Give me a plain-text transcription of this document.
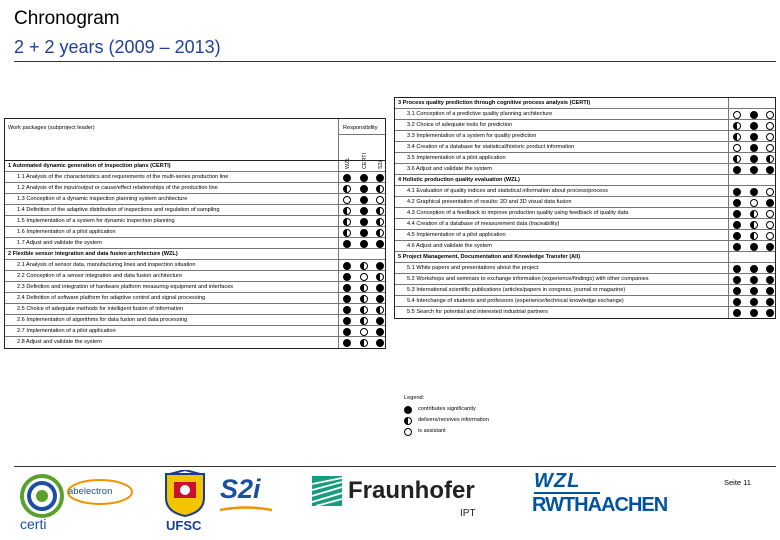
Chronogram
2 + 2 years (2009 – 2013)
Work packages (subproject leader)	Responsibility
WZL CERTI S2i
1 Automated dynamic generation of inspection plans (CERTI)
1.1 Analysis of the characteristics and requirements of the multi-series production line
1.2 Analysis of the input/output or cause/effect relationships of the production line
1.3 Conception of a dynamic inspection planning system architecture
1.4 Definition of the adaptive distribution of inspections and regulation of sampling
1.5 Implementation of a system for dynamic inspection planning
1.6 Implementation of a pilot application
1.7 Adjust and validate the system
2 Flexible sensor integration and data fusion architecture (WZL)
2.1 Analysis of sensor data, manufacturing lines and inspection situation
2.2 Conception of a sensor integration and data fusion architecture
2.3 Definition and integration of hardware platform measuring equipment and interfaces
2.4 Definition of software platform for adaptive control and signal processing
2.5 Choice of adequate methods for intelligent fusion of information
2.6 Implementation of algorithms for data fusion and data processing
2.7 Implementation of a pilot application
2.8 Adjust and validate the system
3 Process quality prediction through cognitive process analysis (CERTI)
3.1 Conception of a predictive quality planning architecture
3.2 Choice of adequate tools for prediction
3.3 Implementation of a system for quality prediction
3.4 Creation of a database for statistical/historic product information
3.5 Implementation of a pilot application
3.6 Adjust and validate the system
4 Holistic production quality evaluation (WZL)
4.1 Evaluation of quality indices and statistical information about process/process
4.2 Graphical presentation of results: 2D and 3D visual data fusion
4.3 Conception of a feedback to improve production quality using feedback of quality data
4.4 Creation of a database of measurement data (traceability)
4.5 Implementation of a pilot application
4.6 Adjust and validate the system
5 Project Management, Documentation and Knowledge Transfer (All)
5.1 White papers and presentations about the project
5.2 Workshops and seminars to exchange information (experience/findings) with other companies
5.3 International scientific publications (articles/papers in congress, journal or magazine)
5.4 Interchange of students and professors (experience/technical knowledge exchange)
5.5 Search for potential and interested industrial partners
Legend:
contributes significantly
delivers/receives information
is assistant
Seite 11
certi
abelectron
UFSC
S2i	Fraunhofer
IPT
WZL
RWTHAACHEN
